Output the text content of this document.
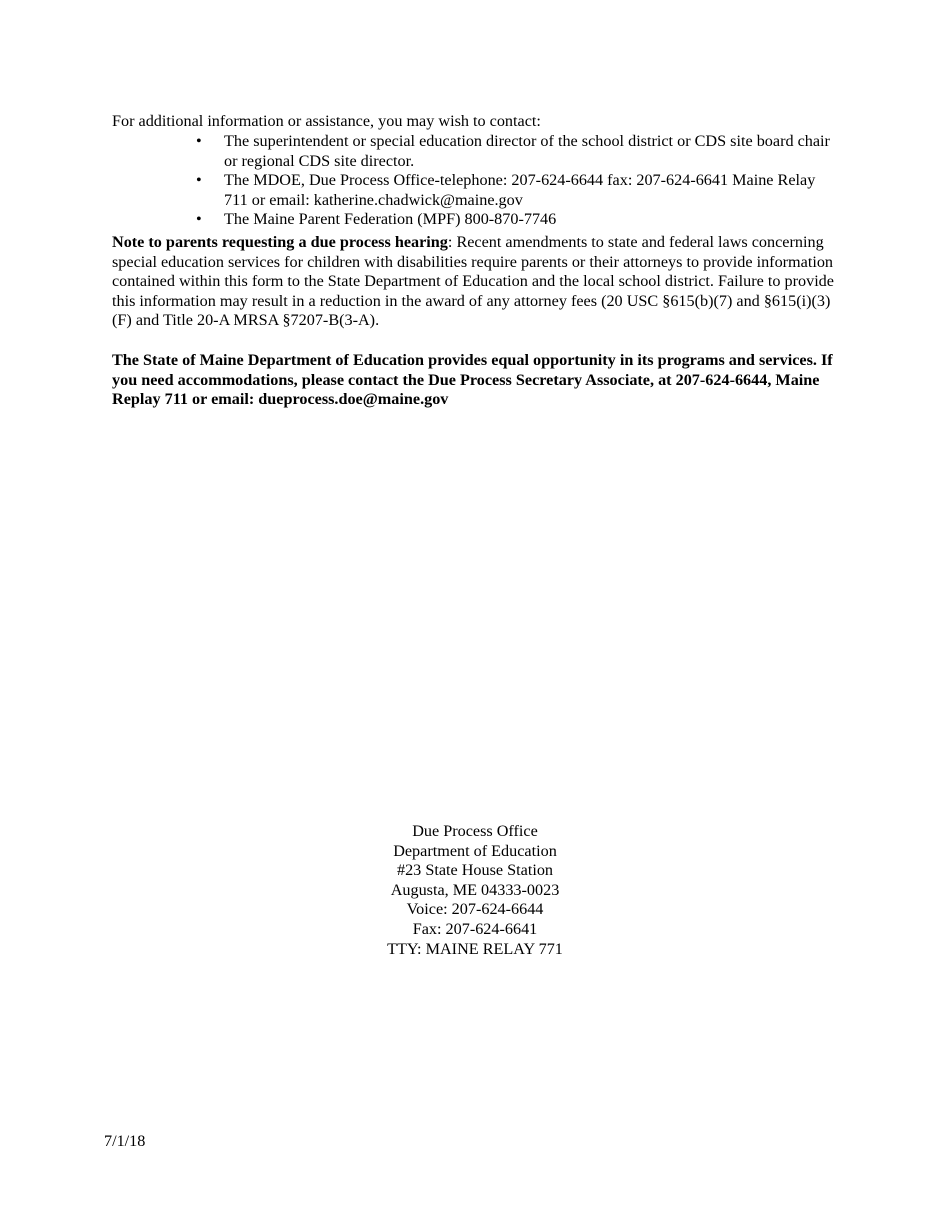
For additional information or assistance, you may wish to contact:

•	The superintendent or special education director of the school district or CDS site board chair or regional CDS site director.
•	The MDOE, Due Process Office-telephone: 207-624-6644 fax: 207-624-6641 Maine Relay 711 or email: katherine.chadwick@maine.gov
•	The Maine Parent Federation (MPF) 800-870-7746

Note to parents requesting a due process hearing: Recent amendments to state and federal laws concerning special education services for children with disabilities require parents or their attorneys to provide information contained within this form to the State Department of Education and the local school district. Failure to provide this information may result in a reduction in the award of any attorney fees (20 USC §615(b)(7) and §615(i)(3)(F) and Title 20-A MRSA §7207-B(3-A).

The State of Maine Department of Education provides equal opportunity in its programs and services. If you need accommodations, please contact the Due Process Secretary Associate, at 207-624-6644, Maine Replay 711 or email: dueprocess.doe@maine.gov

Due Process Office
Department of Education
#23 State House Station
Augusta, ME 04333-0023
Voice: 207-624-6644
Fax: 207-624-6641
TTY: MAINE RELAY 771

7/1/18
